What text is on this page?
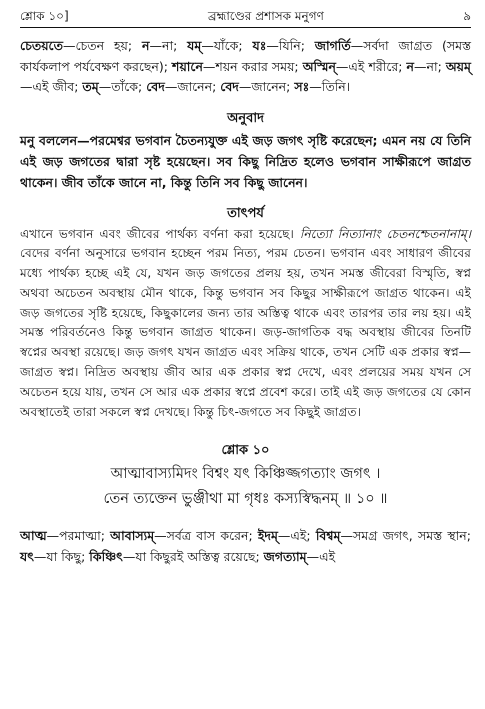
শ্লোক ১০]	ব্রহ্মাণ্ডের প্রশাসক মনুগণ	৯
চেতয়তে—চেতন হয়; ন—না; যম্—যাঁকে; যঃ—যিনি; জাগর্তি—সর্বদা জাগ্রত (সমস্ত কার্যকলাপ পর্যবেক্ষণ করছেন); শয়ানে—শয়ন করার সময়; অস্মিন্—এই শরীরে; ন—না; অয়ম্—এই জীব; তম্—তাঁকে; বেদ—জানেন; বেদ—জানেন; সঃ—তিনি।
অনুবাদ
মনু বললেন—পরমেশ্বর ভগবান চৈতন্যযুক্ত এই জড় জগৎ সৃষ্টি করেছেন; এমন নয় যে তিনি এই জড় জগতের দ্বারা সৃষ্ট হয়েছেন। সব কিছু নিদ্রিত হলেও ভগবান সাক্ষীরূপে জাগ্রত থাকেন। জীব তাঁকে জানে না, কিন্তু তিনি সব কিছু জানেন।
তাৎপর্য
এখানে ভগবান এবং জীবের পার্থক্য বর্ণনা করা হয়েছে। নিত্যো নিত্যানাং চেতনশ্চেতনানাম্। বেদের বর্ণনা অনুসারে ভগবান হচ্ছেন পরম নিত্য, পরম চেতন। ভগবান এবং সাধারণ জীবের মধ্যে পার্থক্য হচ্ছে এই যে, যখন জড় জগতের প্রলয় হয়, তখন সমস্ত জীবেরা বিস্মৃতি, স্বপ্ন অথবা অচেতন অবস্থায় মৌন থাকে, কিন্তু ভগবান সব কিছুর সাক্ষীরূপে জাগ্রত থাকেন। এই জড় জগতের সৃষ্টি হয়েছে, কিছুকালের জন্য তার অস্তিত্ব থাকে এবং তারপর তার লয় হয়। এই সমস্ত পরিবর্তনেও কিন্তু ভগবান জাগ্রত থাকেন। জড়-জাগতিক বদ্ধ অবস্থায় জীবের তিনটি স্বপ্নের অবস্থা রয়েছে। জড় জগৎ যখন জাগ্রত এবং সক্রিয় থাকে, তখন সেটি এক প্রকার স্বপ্ন—জাগ্রত স্বপ্ন। নিদ্রিত অবস্থায় জীব আর এক প্রকার স্বপ্ন দেখে, এবং প্রলয়ের সময় যখন সে অচেতন হয়ে যায়, তখন সে আর এক প্রকার স্বপ্নে প্রবেশ করে। তাই এই জড় জগতের যে কোন অবস্থাতেই তারা সকলে স্বপ্ন দেখছে। কিন্তু চিৎ-জগতে সব কিছুই জাগ্রত।
শ্লোক ১০
আত্মাবাস্যমিদং বিশ্বং যৎ কিঞ্চিজ্জগত্যাং জগৎ ।
তেন ত্যক্তেন ভুঞ্জীথা মা গৃধঃ কস্যস্বিদ্ধনম্ ॥ ১০ ॥
আত্ম—পরমাত্মা; আবাস্যম্—সর্বত্র বাস করেন; ইদম্—এই; বিশ্বম্—সমগ্র জগৎ, সমস্ত স্থান; যৎ—যা কিছু; কিঞ্চিৎ—যা কিছুরই অস্তিত্ব রয়েছে; জগত্যাম্—এই
